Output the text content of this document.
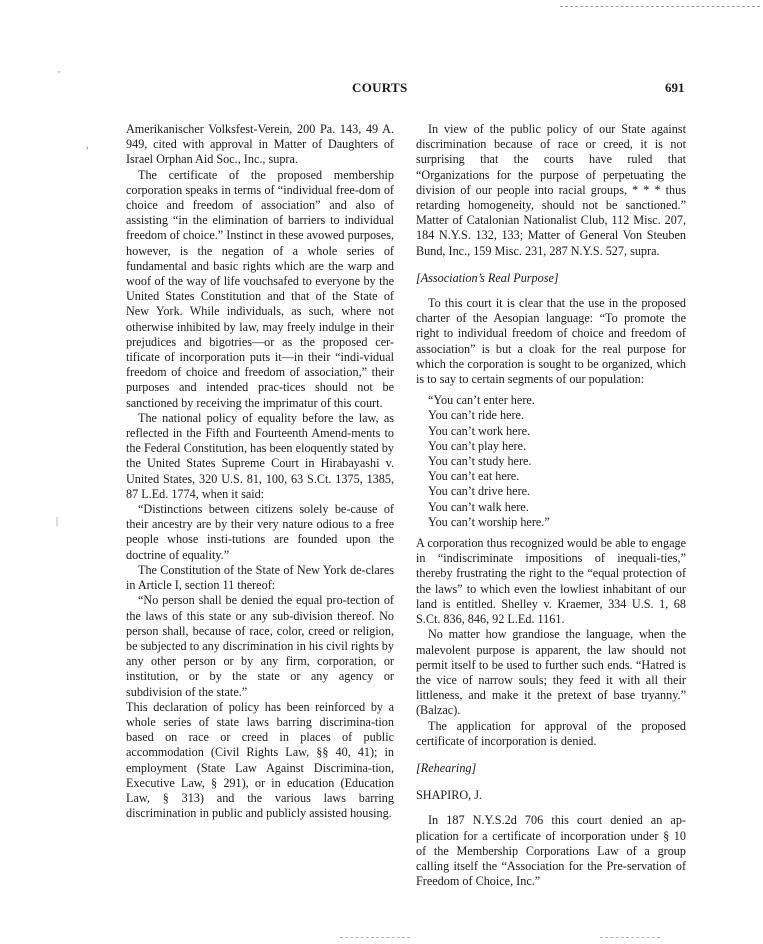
COURTS	691
'
,
|

Amerikanischer Volksfest-Verein, 200 Pa. 143, 49 A. 949, cited with approval in Matter of Daughters of Israel Orphan Aid Soc., Inc., supra.

The certificate of the proposed membership corporation speaks in terms of “individual free-dom of choice and freedom of association” and also of assisting “in the elimination of barriers to individual freedom of choice.” Instinct in these avowed purposes, however, is the negation of a whole series of fundamental and basic rights which are the warp and woof of the way of life vouchsafed to everyone by the United States Constitution and that of the State of New York. While individuals, as such, where not otherwise inhibited by law, may freely indulge in their prejudices and bigotries—or as the proposed cer-tificate of incorporation puts it—in their “indi-vidual freedom of choice and freedom of association,” their purposes and intended prac-tices should not be sanctioned by receiving the imprimatur of this court.

The national policy of equality before the law, as reflected in the Fifth and Fourteenth Amend-ments to the Federal Constitution, has been eloquently stated by the United States Supreme Court in Hirabayashi v. United States, 320 U.S. 81, 100, 63 S.Ct. 1375, 1385, 87 L.Ed. 1774, when it said:

“Distinctions between citizens solely be-cause of their ancestry are by their very nature odious to a free people whose insti-tutions are founded upon the doctrine of equality.”

The Constitution of the State of New York de-clares in Article I, section 11 thereof:

“No person shall be denied the equal pro-tection of the laws of this state or any sub-division thereof. No person shall, because of race, color, creed or religion, be subjected to any discrimination in his civil rights by any other person or by any firm, corporation, or institution, or by the state or any agency or subdivision of the state.”

This declaration of policy has been reinforced by a whole series of state laws barring discrimina-tion based on race or creed in places of public accommodation (Civil Rights Law, §§ 40, 41); in employment (State Law Against Discrimina-tion, Executive Law, § 291), or in education (Education Law, § 313) and the various laws barring discrimination in public and publicly assisted housing.

In view of the public policy of our State against discrimination because of race or creed, it is not surprising that the courts have ruled that “Organizations for the purpose of perpetuating the division of our people into racial groups, * * * thus retarding homogeneity, should not be sanctioned.” Matter of Catalonian Nationalist Club, 112 Misc. 207, 184 N.Y.S. 132, 133; Matter of General Von Steuben Bund, Inc., 159 Misc. 231, 287 N.Y.S. 527, supra.

[Association’s Real Purpose]

To this court it is clear that the use in the proposed charter of the Aesopian language: “To promote the right to individual freedom of choice and freedom of association” is but a cloak for the real purpose for which the corporation is sought to be organized, which is to say to certain segments of our population:

“You can’t enter here.
You can’t ride here.
You can’t work here.
You can’t play here.
You can’t study here.
You can’t eat here.
You can’t drive here.
You can’t walk here.
You can’t worship here.”

A corporation thus recognized would be able to engage in “indiscriminate impositions of inequali-ties,” thereby frustrating the right to the “equal protection of the laws” to which even the lowliest inhabitant of our land is entitled. Shelley v. Kraemer, 334 U.S. 1, 68 S.Ct. 836, 846, 92 L.Ed. 1161.

No matter how grandiose the language, when the malevolent purpose is apparent, the law should not permit itself to be used to further such ends. “Hatred is the vice of narrow souls; they feed it with all their littleness, and make it the pretext of base tryanny.” (Balzac).

The application for approval of the proposed certificate of incorporation is denied.

[Rehearing]
SHAPIRO, J.

In 187 N.Y.S.2d 706 this court denied an ap-plication for a certificate of incorporation under § 10 of the Membership Corporations Law of a group calling itself the “Association for the Pre-servation of Freedom of Choice, Inc.”
